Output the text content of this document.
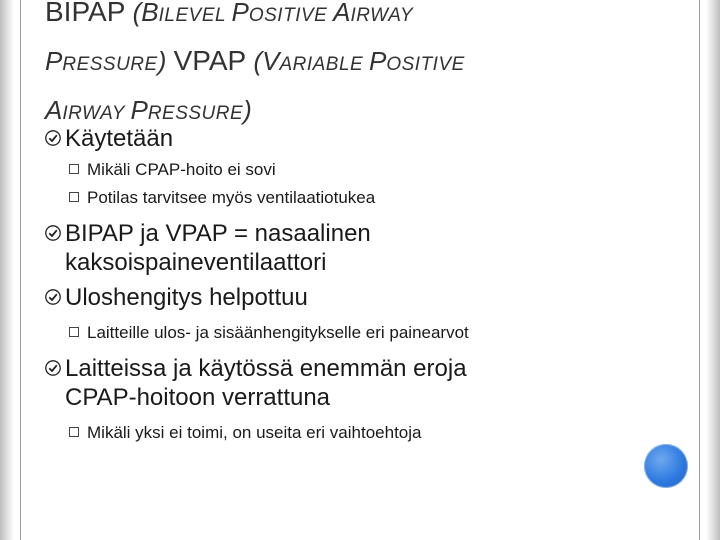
BIPAP (BILEVEL POSITIVE AIRWAY
PRESSURE) VPAP (VARIABLE POSITIVE
AIRWAY PRESSURE)
Käytetään
Mikäli CPAP-hoito ei sovi
Potilas tarvitsee myös ventilaatiotukea
BIPAP ja VPAP = nasaalinen
kaksoispaineventilaattori
Uloshengitys helpottuu
Laitteille ulos- ja sisäänhengitykselle eri painearvot
Laitteissa ja käytössä enemmän eroja
CPAP-hoitoon verrattuna
Mikäli yksi ei toimi, on useita eri vaihtoehtoja
